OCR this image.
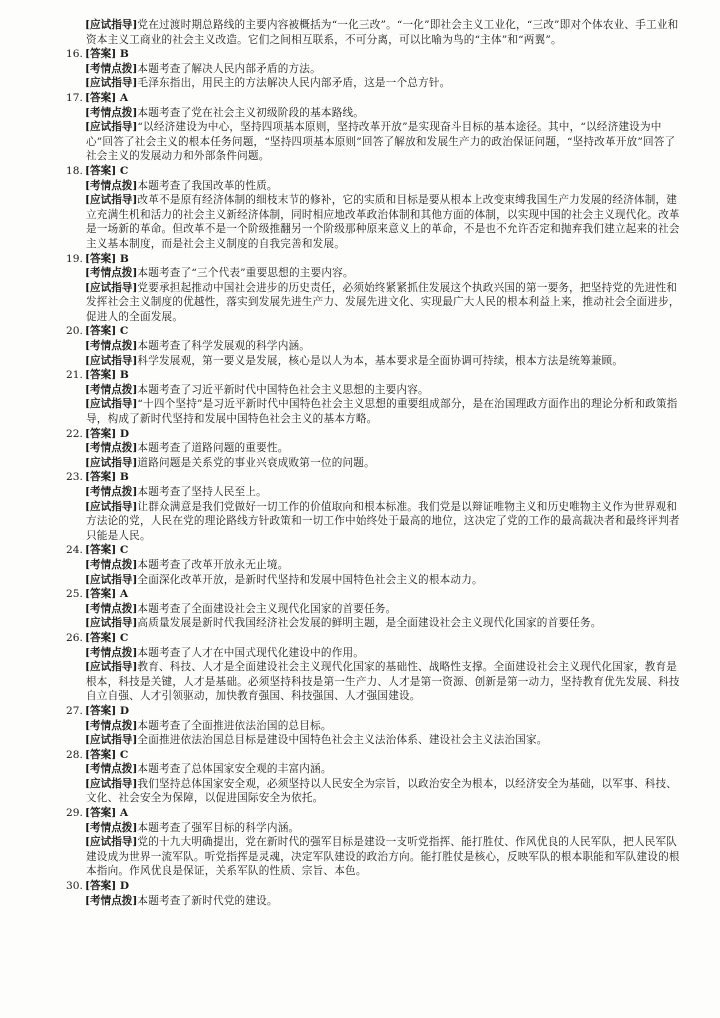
[应试指导]党在过渡时期总路线的主要内容被概括为“一化三改”。“一化”即社会主义工业化，“三改”即对个体农业、手工业和资本主义工商业的社会主义改造。它们之间相互联系，不可分离，可以比喻为鸟的“主体”和“两翼”。

16. [答案] B

[考情点拨]本题考查了解决人民内部矛盾的方法。

[应试指导]毛泽东指出，用民主的方法解决人民内部矛盾，这是一个总方针。

17. [答案] A

[考情点拨]本题考查了党在社会主义初级阶段的基本路线。

[应试指导]“以经济建设为中心，坚持四项基本原则，坚持改革开放”是实现奋斗目标的基本途径。其中，“以经济建设为中心”回答了社会主义的根本任务问题，“坚持四项基本原则”回答了解放和发展生产力的政治保证问题，“坚持改革开放”回答了社会主义的发展动力和外部条件问题。

18. [答案] C

[考情点拨]本题考查了我国改革的性质。

[应试指导]改革不是原有经济体制的细枝末节的修补，它的实质和目标是要从根本上改变束缚我国生产力发展的经济体制，建立充满生机和活力的社会主义新经济体制，同时相应地改革政治体制和其他方面的体制，以实现中国的社会主义现代化。改革是一场新的革命。但改革不是一个阶级推翻另一个阶级那种原来意义上的革命，不是也不允许否定和抛弃我们建立起来的社会主义基本制度，而是社会主义制度的自我完善和发展。

19. [答案] B

[考情点拨]本题考查了“三个代表”重要思想的主要内容。

[应试指导]党要承担起推动中国社会进步的历史责任，必须始终紧紧抓住发展这个执政兴国的第一要务，把坚持党的先进性和发挥社会主义制度的优越性，落实到发展先进生产力、发展先进文化、实现最广大人民的根本利益上来，推动社会全面进步，促进人的全面发展。

20. [答案] C

[考情点拨]本题考查了科学发展观的科学内涵。

[应试指导]科学发展观，第一要义是发展，核心是以人为本，基本要求是全面协调可持续，根本方法是统筹兼顾。

21. [答案] B

[考情点拨]本题考查了习近平新时代中国特色社会主义思想的主要内容。

[应试指导]“十四个坚持”是习近平新时代中国特色社会主义思想的重要组成部分，是在治国理政方面作出的理论分析和政策指导，构成了新时代坚持和发展中国特色社会主义的基本方略。

22. [答案] D

[考情点拨]本题考查了道路问题的重要性。

[应试指导]道路问题是关系党的事业兴衰成败第一位的问题。

23. [答案] B

[考情点拨]本题考查了坚持人民至上。

[应试指导]让群众满意是我们党做好一切工作的价值取向和根本标准。我们党是以辩证唯物主义和历史唯物主义作为世界观和方法论的党，人民在党的理论路线方针政策和一切工作中始终处于最高的地位，这决定了党的工作的最高裁决者和最终评判者只能是人民。

24. [答案] C

[考情点拨]本题考查了改革开放永无止境。

[应试指导]全面深化改革开放，是新时代坚持和发展中国特色社会主义的根本动力。

25. [答案] A

[考情点拨]本题考查了全面建设社会主义现代化国家的首要任务。

[应试指导]高质量发展是新时代我国经济社会发展的鲜明主题，是全面建设社会主义现代化国家的首要任务。

26. [答案] C

[考情点拨]本题考查了人才在中国式现代化建设中的作用。

[应试指导]教育、科技、人才是全面建设社会主义现代化国家的基础性、战略性支撑。全面建设社会主义现代化国家，教育是根本，科技是关键，人才是基础。必须坚持科技是第一生产力、人才是第一资源、创新是第一动力，坚持教育优先发展、科技自立自强、人才引领驱动，加快教育强国、科技强国、人才强国建设。

27. [答案] D

[考情点拨]本题考查了全面推进依法治国的总目标。

[应试指导]全面推进依法治国总目标是建设中国特色社会主义法治体系、建设社会主义法治国家。

28. [答案] C

[考情点拨]本题考查了总体国家安全观的丰富内涵。

[应试指导]我们坚持总体国家安全观，必须坚持以人民安全为宗旨，以政治安全为根本，以经济安全为基础，以军事、科技、文化、社会安全为保障，以促进国际安全为依托。

29. [答案] A

[考情点拨]本题考查了强军目标的科学内涵。

[应试指导]党的十九大明确提出，党在新时代的强军目标是建设一支听党指挥、能打胜仗、作风优良的人民军队，把人民军队建设成为世界一流军队。听党指挥是灵魂，决定军队建设的政治方向。能打胜仗是核心，反映军队的根本职能和军队建设的根本指向。作风优良是保证，关系军队的性质、宗旨、本色。

30. [答案] D

[考情点拨]本题考查了新时代党的建设。
